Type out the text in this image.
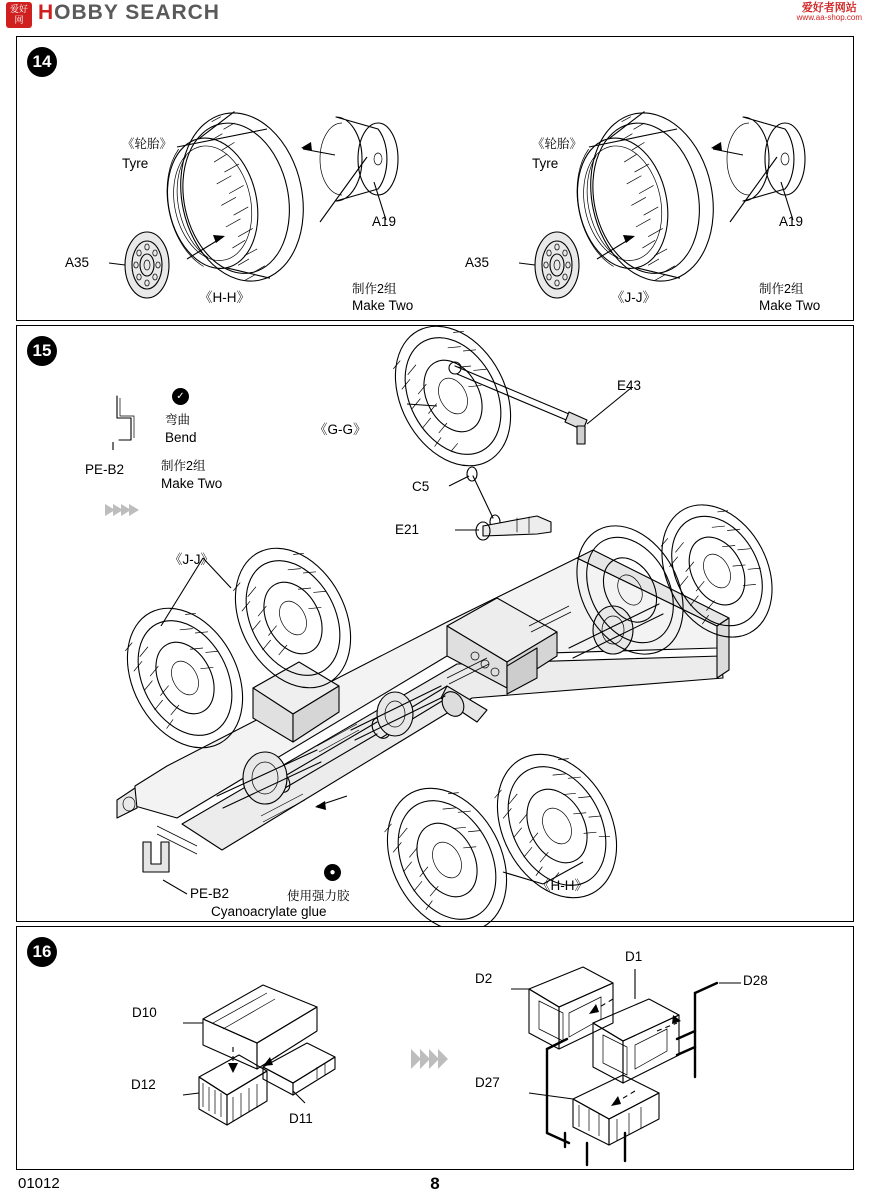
爱好网 HOBBY SEARCH	爱好者网站
www.aa-shop.com
14
《轮胎》
Tyre
A19
A35
《H-H》
制作2组
Make Two
《轮胎》
Tyre
A19
A35
《J-J》
制作2组
Make Two
15
PE-B2
✓
弯曲
Bend
制作2组
Make Two
《G-G》
E43
C5
E21
《J-J》
《H-H》
PE-B2
●
使用强力胶
Cyanoacrylate glue
16
D10
D12
D11
D2
D1
D28
D27
01012	8
